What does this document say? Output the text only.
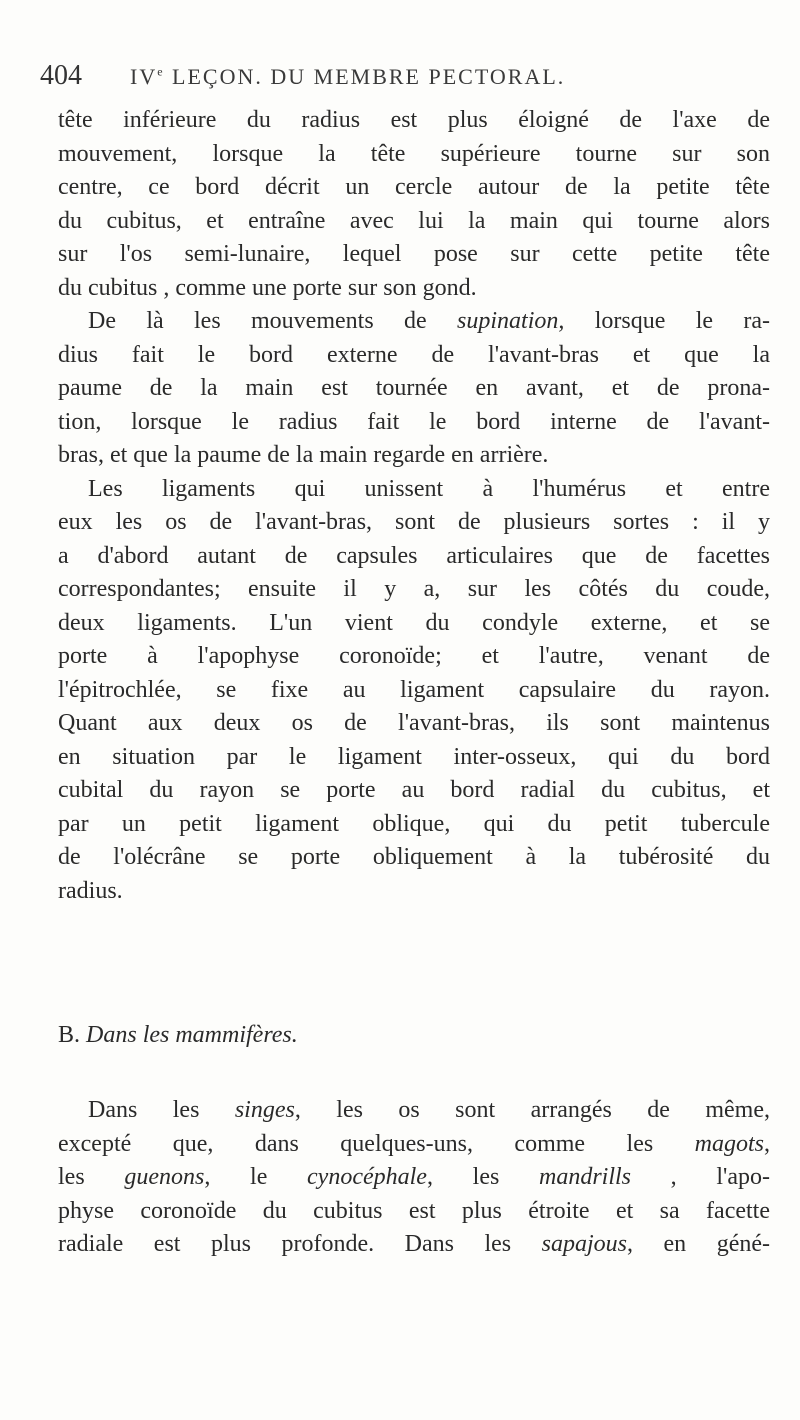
404 IVe LEÇON. DU MEMBRE PECTORAL.
tête inférieure du radius est plus éloigné de l'axe de
mouvement, lorsque la tête supérieure tourne sur son
centre, ce bord décrit un cercle autour de la petite tête
du cubitus, et entraîne avec lui la main qui tourne alors
sur l'os semi-lunaire, lequel pose sur cette petite tête
du cubitus , comme une porte sur son gond.
De là les mouvements de supination, lorsque le ra-
dius fait le bord externe de l'avant-bras et que la
paume de la main est tournée en avant, et de prona-
tion, lorsque le radius fait le bord interne de l'avant-
bras, et que la paume de la main regarde en arrière.
Les ligaments qui unissent à l'humérus et entre
eux les os de l'avant-bras, sont de plusieurs sortes : il y
a d'abord autant de capsules articulaires que de facettes
correspondantes; ensuite il y a, sur les côtés du coude,
deux ligaments. L'un vient du condyle externe, et se
porte à l'apophyse coronoïde; et l'autre, venant de
l'épitrochlée, se fixe au ligament capsulaire du rayon.
Quant aux deux os de l'avant-bras, ils sont maintenus
en situation par le ligament inter-osseux, qui du bord
cubital du rayon se porte au bord radial du cubitus, et
par un petit ligament oblique, qui du petit tubercule
de l'olécrâne se porte obliquement à la tubérosité du
radius.
B. Dans les mammifères.
Dans les singes, les os sont arrangés de même,
excepté que, dans quelques-uns, comme les magots,
les guenons, le cynocéphale, les mandrills , l'apo-
physe coronoïde du cubitus est plus étroite et sa facette
radiale est plus profonde. Dans les sapajous, en géné-
